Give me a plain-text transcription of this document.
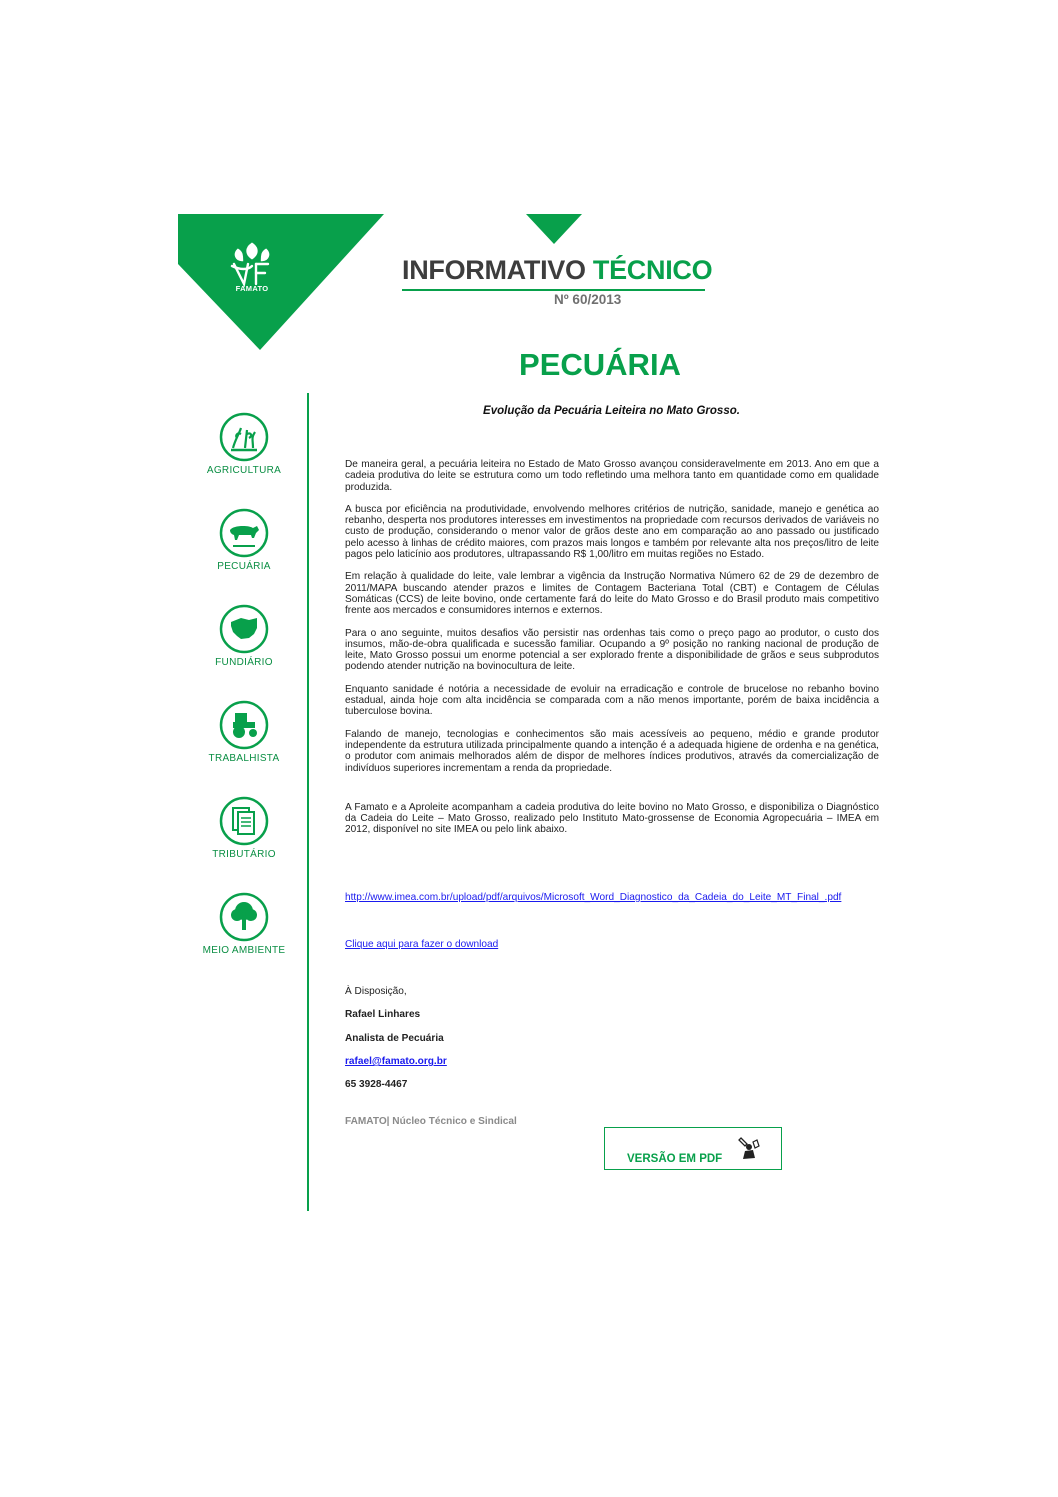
FAMATO
INFORMATIVO TÉCNICO
Nº 60/2013
PECUÁRIA
AGRICULTURA
PECUÁRIA
FUNDIÁRIO
TRABALHISTA
TRIBUTÁRIO
MEIO AMBIENTE
Evolução da Pecuária Leiteira no Mato Grosso.

De maneira geral, a pecuária leiteira no Estado de Mato Grosso avançou consideravelmente em 2013. Ano em que a cadeia produtiva do leite se estrutura como um todo refletindo uma melhora tanto em quantidade como em qualidade produzida.

A busca por eficiência na produtividade, envolvendo melhores critérios de nutrição, sanidade, manejo e genética ao rebanho, desperta nos produtores interesses em investimentos na propriedade com recursos derivados de variáveis no custo de produção, considerando o menor valor de grãos deste ano em comparação ao ano passado ou justificado pelo acesso à linhas de crédito maiores, com prazos mais longos e também por relevante alta nos preços/litro de leite pagos pelo laticínio aos produtores, ultrapassando R$ 1,00/litro em muitas regiões no Estado.

Em relação à qualidade do leite, vale lembrar a vigência da Instrução Normativa Número 62 de 29 de dezembro de 2011/MAPA buscando atender prazos e limites de Contagem Bacteriana Total (CBT) e Contagem de Células Somáticas (CCS) de leite bovino, onde certamente fará do leite do Mato Grosso e do Brasil produto mais competitivo frente aos mercados e consumidores internos e externos.

Para o ano seguinte, muitos desafios vão persistir nas ordenhas tais como o preço pago ao produtor, o custo dos insumos, mão-de-obra qualificada e sucessão familiar. Ocupando a 9º posição no ranking nacional de produção de leite, Mato Grosso possui um enorme potencial a ser explorado frente a disponibilidade de grãos e seus subprodutos podendo atender nutrição na bovinocultura de leite.

Enquanto sanidade é notória a necessidade de evoluir na erradicação e controle de brucelose no rebanho bovino estadual, ainda hoje com alta incidência se comparada com a não menos importante, porém de baixa incidência a tuberculose bovina.

Falando de manejo, tecnologias e conhecimentos são mais acessíveis ao pequeno, médio e grande produtor independente da estrutura utilizada principalmente quando a intenção é a adequada higiene de ordenha e na genética, o produtor com animais melhorados além de dispor de melhores índices produtivos, através da comercialização de indivíduos superiores incrementam a renda da propriedade.

A Famato e a Aproleite acompanham a cadeia produtiva do leite bovino no Mato Grosso, e disponibiliza o Diagnóstico da Cadeia do Leite – Mato Grosso, realizado pelo Instituto Mato-grossense de Economia Agropecuária – IMEA em 2012, disponível no site IMEA ou pelo link abaixo.

http://www.imea.com.br/upload/pdf/arquivos/Microsoft_Word_Diagnostico_da_Cadeia_do_Leite_MT_Final_.pdf
Clique aqui para fazer o download
À Disposição,
Rafael Linhares
Analista de Pecuária
rafael@famato.org.br
65 3928-4467
FAMATO| Núcleo Técnico e Sindical
VERSÃO EM PDF
